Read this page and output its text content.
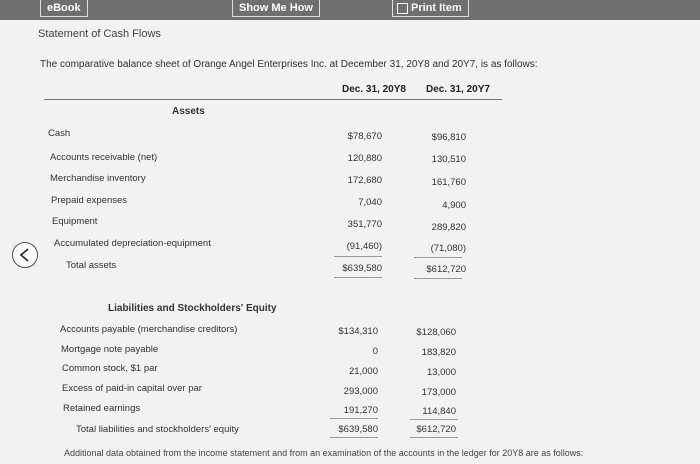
eBook	Show Me How	Print Item
Statement of Cash Flows
The comparative balance sheet of Orange Angel Enterprises Inc. at December 31, 20Y8 and 20Y7, is as follows:
Dec. 31, 20Y8 Dec. 31, 20Y7
Assets
Cash	$78,670	$96,810
Accounts receivable (net)	120,880	130,510
Merchandise inventory	172,680	161,760
Prepaid expenses	7,040	4,900
Equipment	351,770	289,820
Accumulated depreciation-equipment	(91,460)	(71,080)
Total assets	$639,580	$612,720
Liabilities and Stockholders' Equity
Accounts payable (merchandise creditors)	$134,310	$128,060
Mortgage note payable	0	183,820
Common stock, $1 par	21,000	13,000
Excess of paid-in capital over par	293,000	173,000
Retained earnings	191,270	114,840
Total liabilities and stockholders' equity	$639,580	$612,720
Additional data obtained from the income statement and from an examination of the accounts in the ledger for 20Y8 are as follows:
